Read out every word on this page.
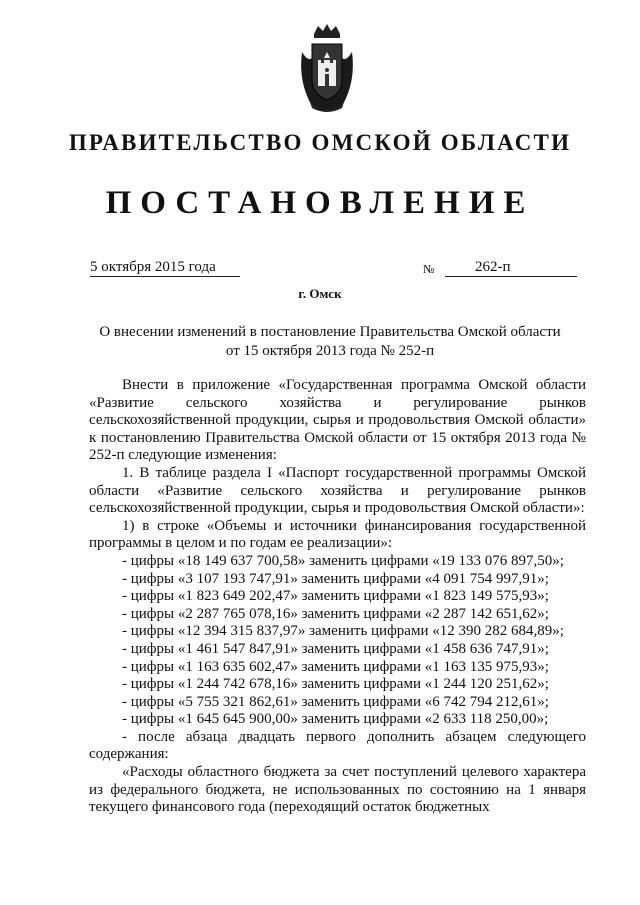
ПРАВИТЕЛЬСТВО ОМСКОЙ ОБЛАСТИ
ПОСТАНОВЛЕНИЕ
5 октября 2015 года	№	262-п
г. Омск
О внесении изменений в постановление Правительства Омской области
от 15 октября 2013 года № 252-п

Внести в приложение «Государственная программа Омской области «Развитие сельского хозяйства и регулирование рынков сельскохозяйственной продукции, сырья и продовольствия Омской области» к постановлению Правительства Омской области от 15 октября 2013 года № 252-п следующие изменения:

1. В таблице раздела I «Паспорт государственной программы Омской области «Развитие сельского хозяйства и регулирование рынков сельскохозяйственной продукции, сырья и продовольствия Омской области»:

1) в строке «Объемы и источники финансирования государственной программы в целом и по годам ее реализации»:

- цифры «18 149 637 700,58» заменить цифрами «19 133 076 897,50»;

- цифры «3 107 193 747,91» заменить цифрами «4 091 754 997,91»;

- цифры «1 823 649 202,47» заменить цифрами «1 823 149 575,93»;

- цифры «2 287 765 078,16» заменить цифрами «2 287 142 651,62»;

- цифры «12 394 315 837,97» заменить цифрами «12 390 282 684,89»;

- цифры «1 461 547 847,91» заменить цифрами «1 458 636 747,91»;

- цифры «1 163 635 602,47» заменить цифрами «1 163 135 975,93»;

- цифры «1 244 742 678,16» заменить цифрами «1 244 120 251,62»;

- цифры «5 755 321 862,61» заменить цифрами «6 742 794 212,61»;

- цифры «1 645 645 900,00» заменить цифрами «2 633 118 250,00»;

- после абзаца двадцать первого дополнить абзацем следующего содержания:

«Расходы областного бюджета за счет поступлений целевого характера из федерального бюджета, не использованных по состоянию на 1 января текущего финансового года (переходящий остаток бюджетных
